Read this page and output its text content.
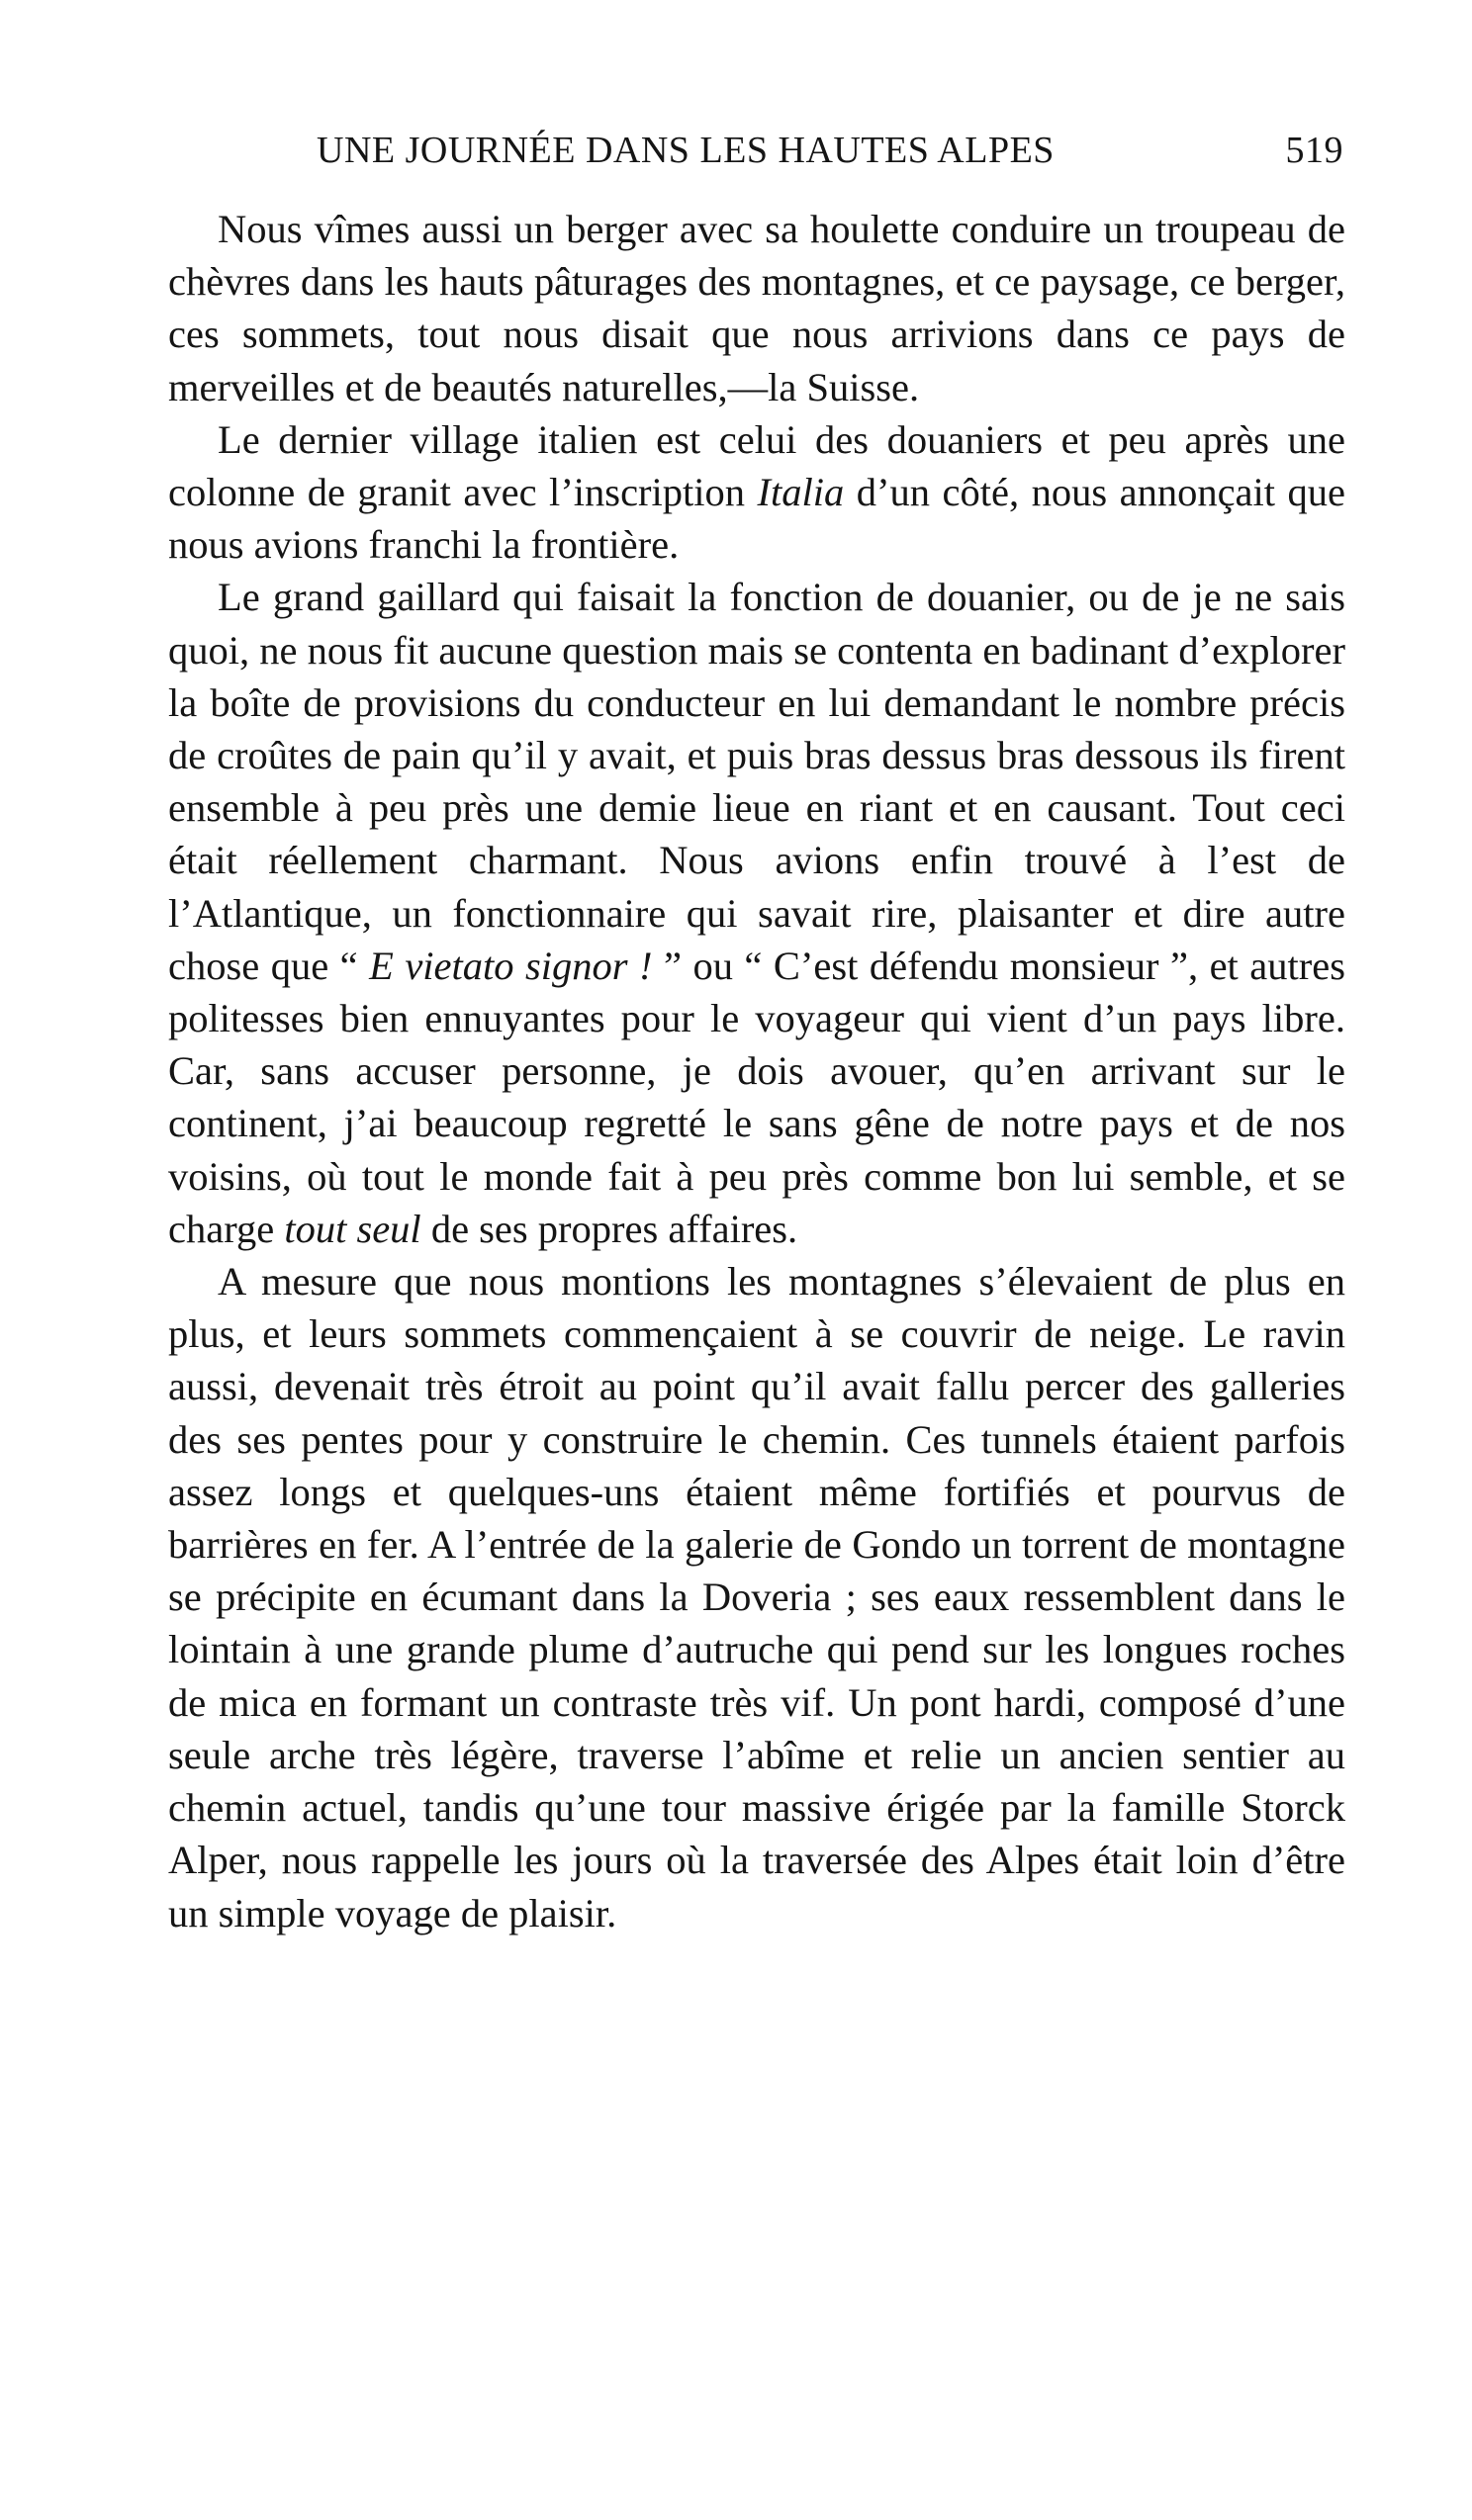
UNE JOURNÉE DANS LES HAUTES ALPES	519

Nous vîmes aussi un berger avec sa houlette conduire un troupeau de chèvres dans les hauts pâturages des montagnes, et ce paysage, ce berger, ces sommets, tout nous disait que nous arrivions dans ce pays de merveilles et de beautés naturelles,—la Suisse.

Le dernier village italien est celui des douaniers et peu après une colonne de granit avec l’inscription Italia d’un côté, nous annonçait que nous avions franchi la frontière.

Le grand gaillard qui faisait la fonction de douanier, ou de je ne sais quoi, ne nous fit aucune question mais se contenta en badinant d’explorer la boîte de provisions du conducteur en lui demandant le nombre précis de croûtes de pain qu’il y avait, et puis bras dessus bras dessous ils firent ensemble à peu près une demie lieue en riant et en causant. Tout ceci était réellement charmant. Nous avions enfin trouvé à l’est de l’Atlantique, un fonctionnaire qui savait rire, plaisanter et dire autre chose que “ E vietato signor ! ” ou “ C’est défendu monsieur ”, et autres politesses bien ennuyantes pour le voyageur qui vient d’un pays libre. Car, sans accuser personne, je dois avouer, qu’en arrivant sur le continent, j’ai beaucoup regretté le sans gêne de notre pays et de nos voisins, où tout le monde fait à peu près comme bon lui semble, et se charge tout seul de ses propres affaires.

A mesure que nous montions les montagnes s’élevaient de plus en plus, et leurs sommets commençaient à se couvrir de neige. Le ravin aussi, devenait très étroit au point qu’il avait fallu percer des galleries des ses pentes pour y construire le chemin. Ces tunnels étaient parfois assez longs et quelques-uns étaient même fortifiés et pourvus de barrières en fer. A l’entrée de la galerie de Gondo un torrent de montagne se précipite en écumant dans la Doveria ; ses eaux ressemblent dans le lointain à une grande plume d’autruche qui pend sur les longues roches de mica en formant un contraste très vif. Un pont hardi, composé d’une seule arche très légère, traverse l’abîme et relie un ancien sentier au chemin actuel, tandis qu’une tour massive érigée par la famille Storck Alper, nous rappelle les jours où la traversée des Alpes était loin d’être un simple voyage de plaisir.
